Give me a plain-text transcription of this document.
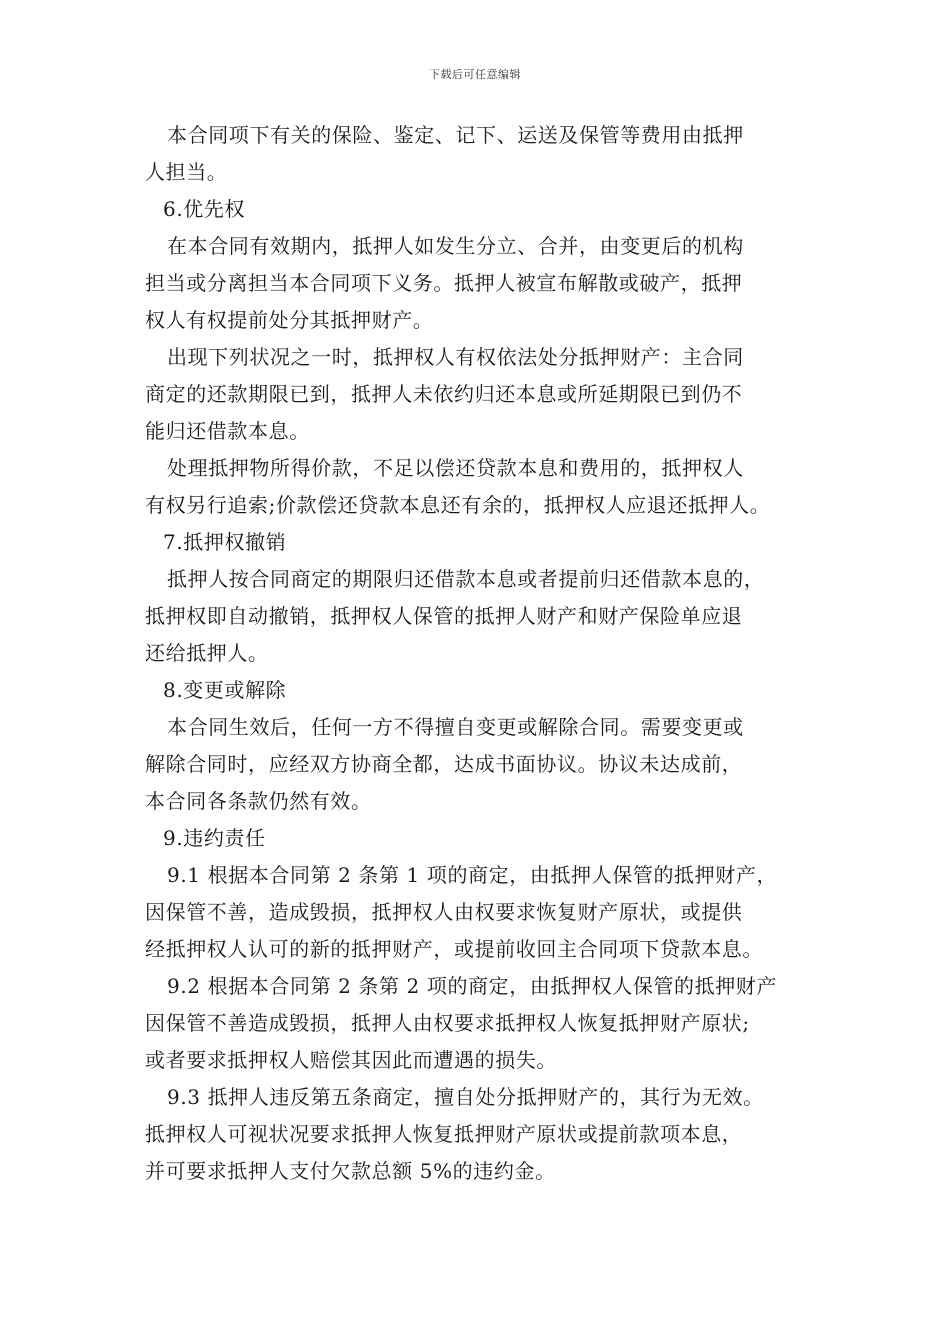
下载后可任意编辑

本合同项下有关的保险、鉴定、记下、运送及保管等费用由抵押
人担当。

6.优先权

在本合同有效期内，抵押人如发生分立、合并，由变更后的机构
担当或分离担当本合同项下义务。抵押人被宣布解散或破产，抵押
权人有权提前处分其抵押财产。

出现下列状况之一时，抵押权人有权依法处分抵押财产：主合同
商定的还款期限已到，抵押人未依约归还本息或所延期限已到仍不
能归还借款本息。

处理抵押物所得价款，不足以偿还贷款本息和费用的，抵押权人
有权另行追索;价款偿还贷款本息还有余的，抵押权人应退还抵押人。

7.抵押权撤销

抵押人按合同商定的期限归还借款本息或者提前归还借款本息的，
抵押权即自动撤销，抵押权人保管的抵押人财产和财产保险单应退
还给抵押人。

8.变更或解除

本合同生效后，任何一方不得擅自变更或解除合同。需要变更或
解除合同时，应经双方协商全都，达成书面协议。协议未达成前，
本合同各条款仍然有效。

9.违约责任

9.1 根据本合同第 2 条第 1 项的商定，由抵押人保管的抵押财产，
因保管不善，造成毁损，抵押权人由权要求恢复财产原状，或提供
经抵押权人认可的新的抵押财产，或提前收回主合同项下贷款本息。

9.2 根据本合同第 2 条第 2 项的商定，由抵押权人保管的抵押财产
因保管不善造成毁损，抵押人由权要求抵押权人恢复抵押财产原状;
或者要求抵押权人赔偿其因此而遭遇的损失。

9.3 抵押人违反第五条商定，擅自处分抵押财产的，其行为无效。
抵押权人可视状况要求抵押人恢复抵押财产原状或提前款项本息，
并可要求抵押人支付欠款总额 5%的违约金。
